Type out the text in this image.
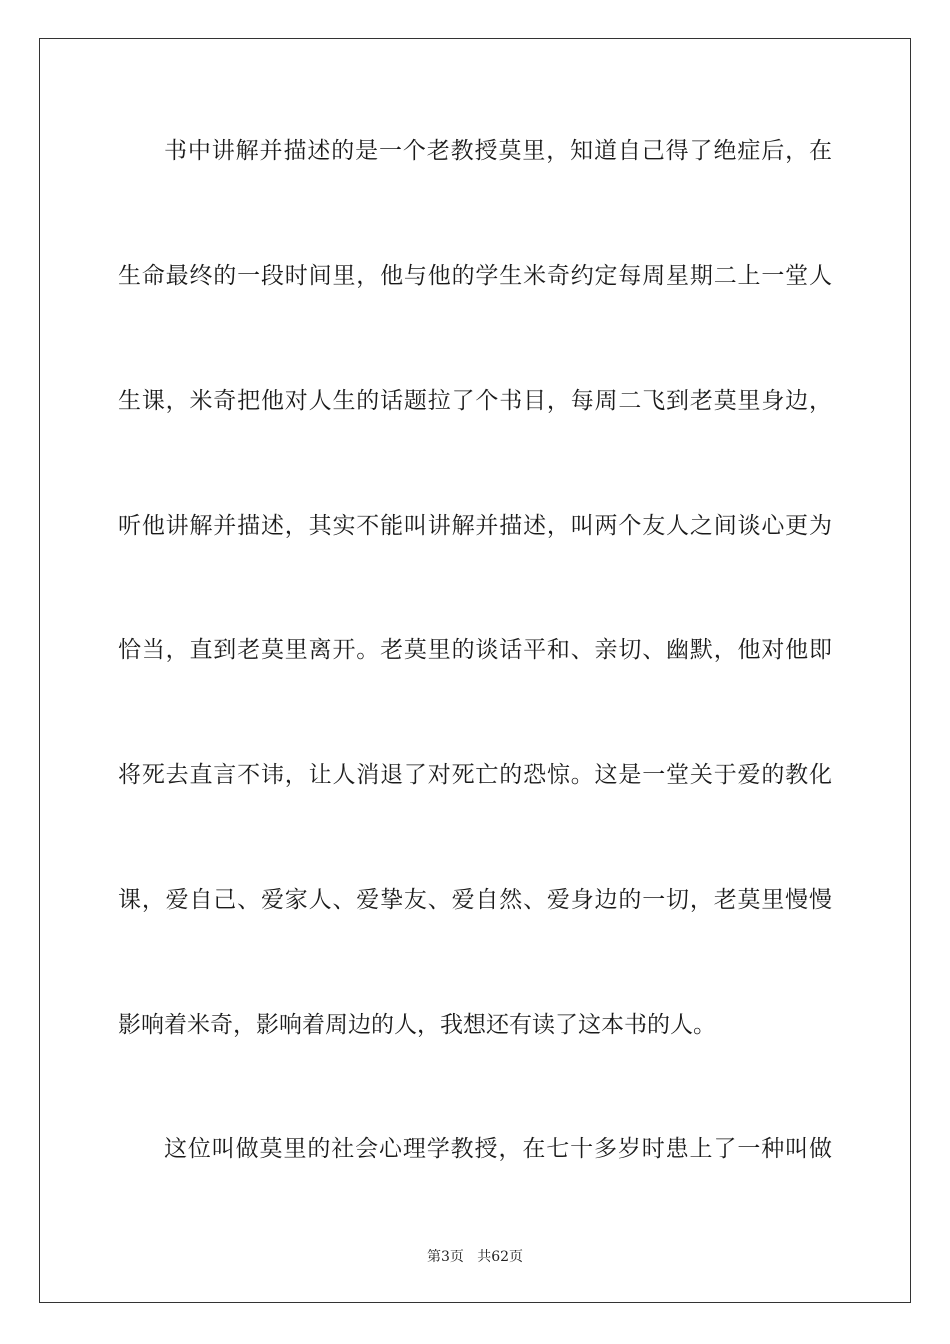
书中讲解并描述的是一个老教授莫里，知道自己得了绝症后，在
生命最终的一段时间里，他与他的学生米奇约定每周星期二上一堂人
生课，米奇把他对人生的话题拉了个书目，每周二飞到老莫里身边，
听他讲解并描述，其实不能叫讲解并描述，叫两个友人之间谈心更为
恰当，直到老莫里离开。老莫里的谈话平和、亲切、幽默，他对他即
将死去直言不讳，让人消退了对死亡的恐惊。这是一堂关于爱的教化
课，爱自己、爱家人、爱挚友、爱自然、爱身边的一切，老莫里慢慢
影响着米奇，影响着周边的人，我想还有读了这本书的人。
这位叫做莫里的社会心理学教授，在七十多岁时患上了一种叫做
第3页   共62页
